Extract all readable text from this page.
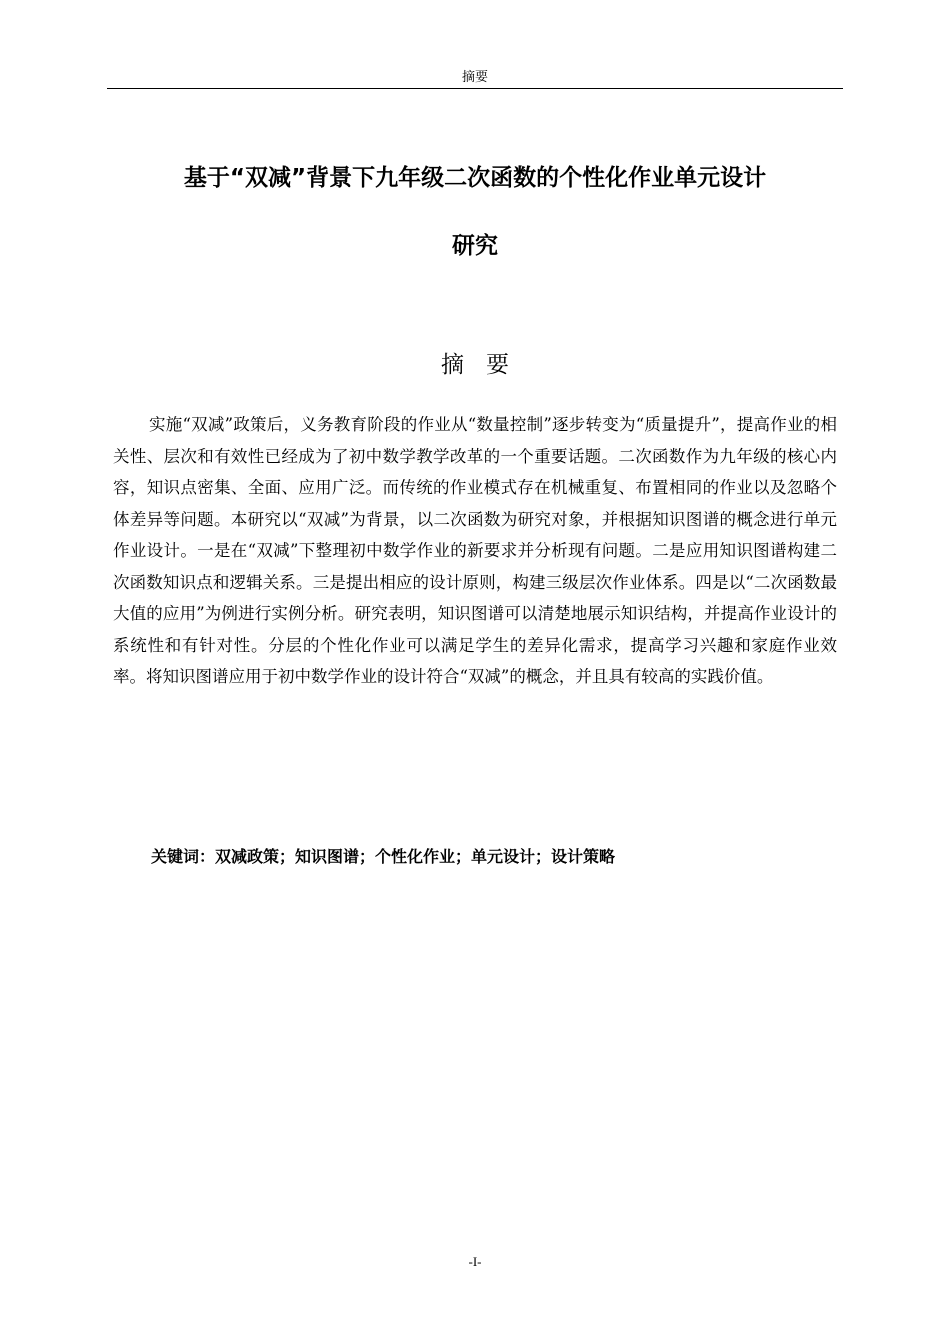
摘要
基于“双减”背景下九年级二次函数的个性化作业单元设计
研究
摘要

实施“双减”政策后，义务教育阶段的作业从“数量控制”逐步转变为“质量提升”，提高作业的相关性、层次和有效性已经成为了初中数学教学改革的一个重要话题。二次函数作为九年级的核心内容，知识点密集、全面、应用广泛。而传统的作业模式存在机械重复、布置相同的作业以及忽略个体差异等问题。本研究以“双减”为背景，以二次函数为研究对象，并根据知识图谱的概念进行单元作业设计。一是在“双减”下整理初中数学作业的新要求并分析现有问题。二是应用知识图谱构建二次函数知识点和逻辑关系。三是提出相应的设计原则，构建三级层次作业体系。四是以“二次函数最大值的应用”为例进行实例分析。研究表明，知识图谱可以清楚地展示知识结构，并提高作业设计的系统性和有针对性。分层的个性化作业可以满足学生的差异化需求，提高学习兴趣和家庭作业效率。将知识图谱应用于初中数学作业的设计符合“双减”的概念，并且具有较高的实践价值。

关键词：双减政策；知识图谱；个性化作业；单元设计；设计策略
-I-
